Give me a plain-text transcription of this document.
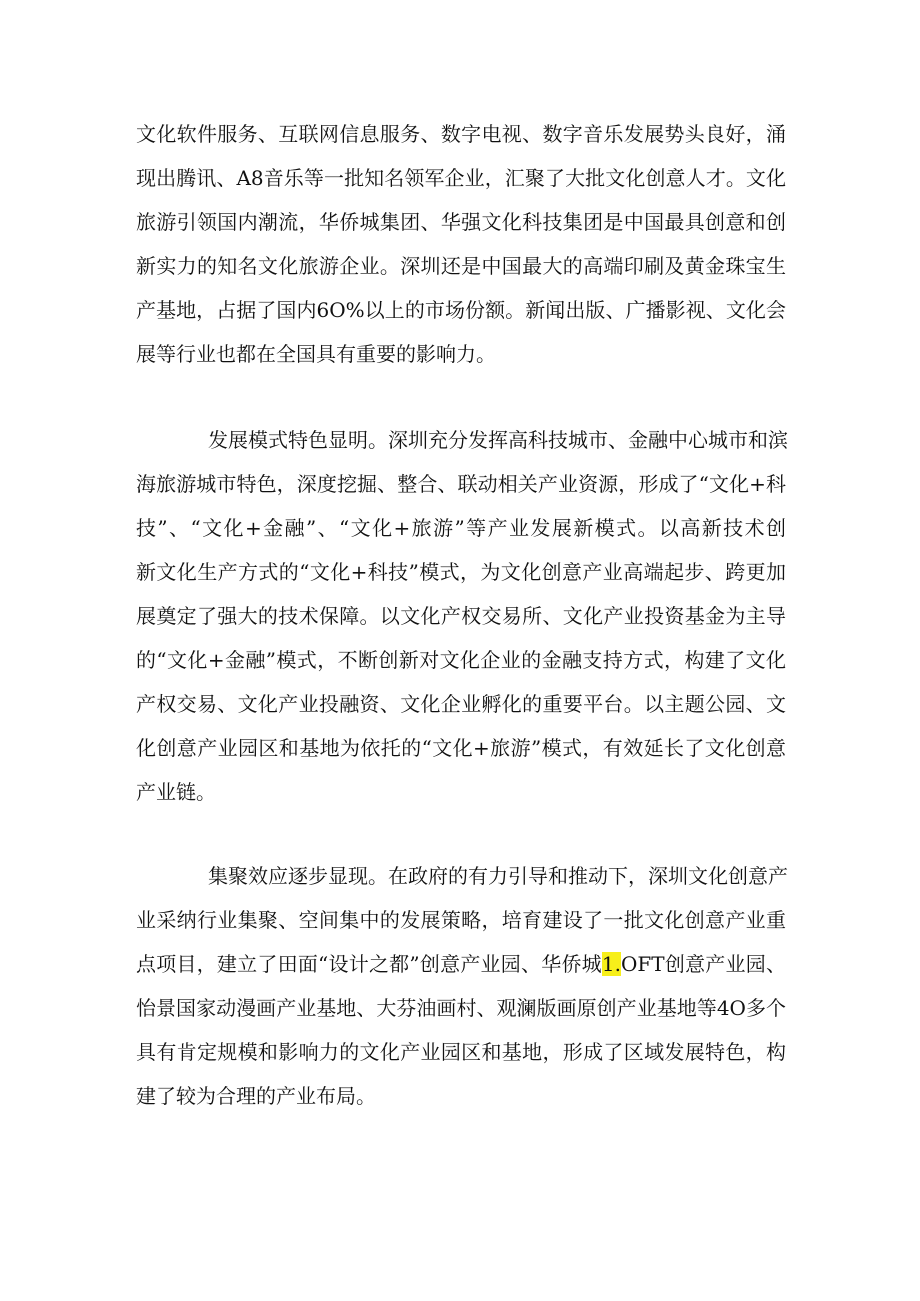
文化软件服务、互联网信息服务、数字电视、数字音乐发展势头良好，涌
现出腾讯、A8音乐等一批知名领军企业，汇聚了大批文化创意人才。文化
旅游引领国内潮流，华侨城集团、华强文化科技集团是中国最具创意和创
新实力的知名文化旅游企业。深圳还是中国最大的高端印刷及黄金珠宝生
产基地，占据了国内6O%以上的市场份额。新闻出版、广播影视、文化会
展等行业也都在全国具有重要的影响力。
发展模式特色显明。深圳充分发挥高科技城市、金融中心城市和滨
海旅游城市特色，深度挖掘、整合、联动相关产业资源，形成了“文化+科
技”、“文化+金融”、“文化+旅游”等产业发展新模式。以高新技术创
新文化生产方式的“文化+科技”模式，为文化创意产业高端起步、跨更加
展奠定了强大的技术保障。以文化产权交易所、文化产业投资基金为主导
的“文化+金融”模式，不断创新对文化企业的金融支持方式，构建了文化
产权交易、文化产业投融资、文化企业孵化的重要平台。以主题公园、文
化创意产业园区和基地为依托的“文化+旅游”模式，有效延长了文化创意
产业链。
集聚效应逐步显现。在政府的有力引导和推动下，深圳文化创意产
业采纳行业集聚、空间集中的发展策略，培育建设了一批文化创意产业重
点项目，建立了田面“设计之都”创意产业园、华侨城1.OFT创意产业园、
怡景国家动漫画产业基地、大芬油画村、观澜版画原创产业基地等4O多个
具有肯定规模和影响力的文化产业园区和基地，形成了区域发展特色，构
建了较为合理的产业布局。
